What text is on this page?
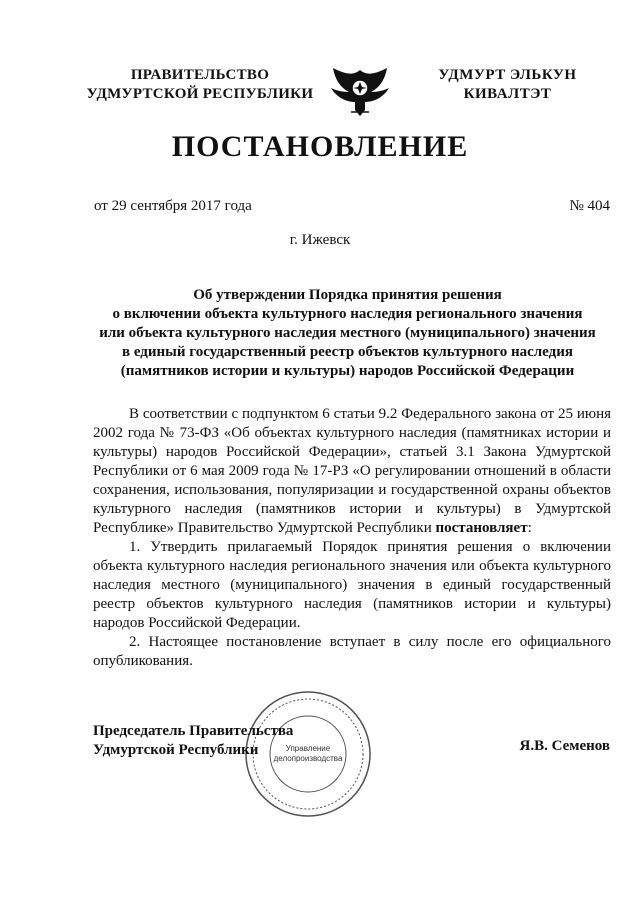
ПРАВИТЕЛЬСТВО
УДМУРТСКОЙ РЕСПУБЛИКИ
УДМУРТ ЭЛЬКУН
КИВАЛТЭТ
ПОСТАНОВЛЕНИЕ
от 29 сентября 2017 года	№ 404
г. Ижевск
Об утверждении Порядка принятия решения
о включении объекта культурного наследия регионального значения
или объекта культурного наследия местного (муниципального) значения
в единый государственный реестр объектов культурного наследия
(памятников истории и культуры) народов Российской Федерации

В соответствии с подпунктом 6 статьи 9.2 Федерального закона от 25 июня 2002 года № 73-ФЗ «Об объектах культурного наследия (памятниках истории и культуры) народов Российской Федерации», статьей 3.1 Закона Удмуртской Республики от 6 мая 2009 года № 17-РЗ «О регулировании отношений в области сохранения, использования, популяризации и государственной охраны объектов культурного наследия (памятников истории и культуры) в Удмуртской Республике» Правительство Удмуртской Республики постановляет:

1. Утвердить прилагаемый Порядок принятия решения о включении объекта культурного наследия регионального значения или объекта культурного наследия местного (муниципального) значения в единый государственный реестр объектов культурного наследия (памятников истории и культуры) народов Российской Федерации.

2. Настоящее постановление вступает в силу после его официального опубликования.

Управление
делопроизводства
Председатель Правительства
Удмуртской Республики	Я.В. Семенов
